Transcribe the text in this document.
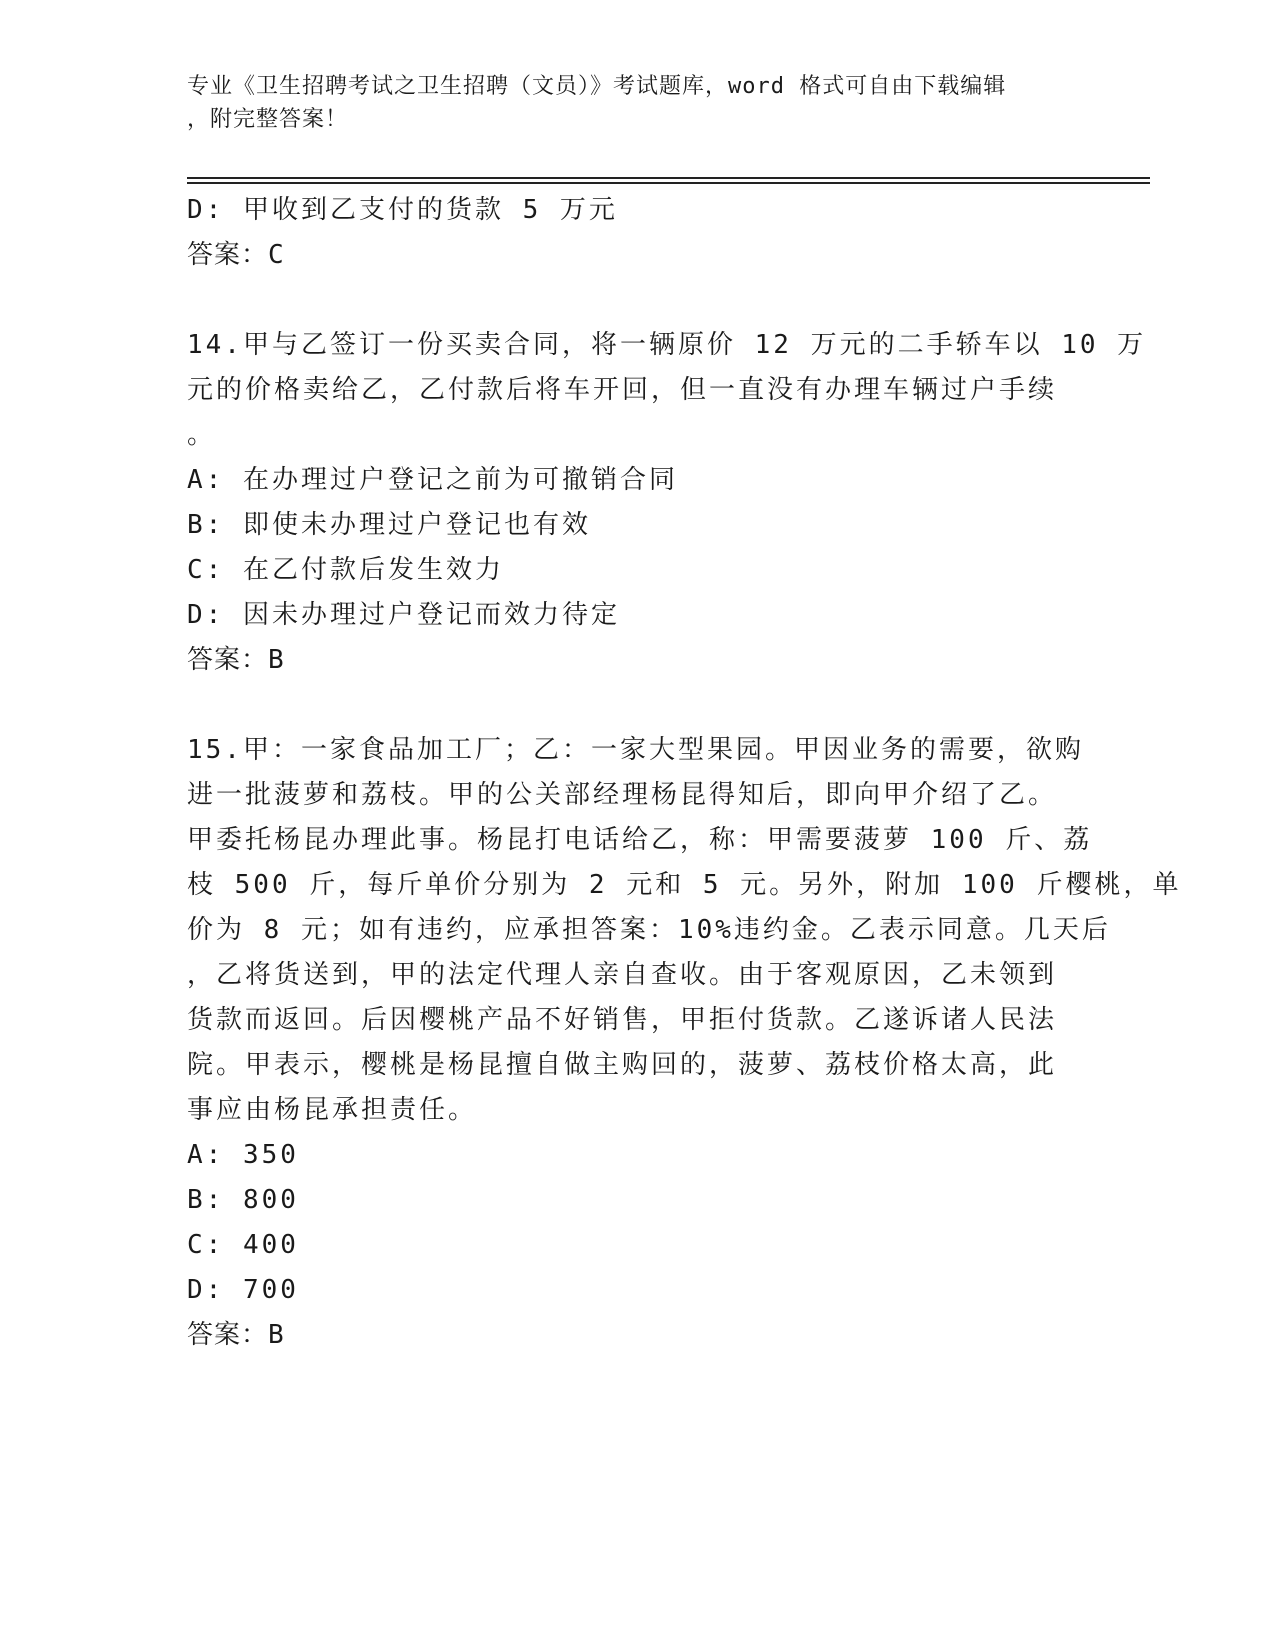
专业《卫生招聘考试之卫生招聘（文员）》考试题库，word 格式可自由下载编辑
，附完整答案！
D: 甲收到乙支付的货款 5 万元
答案：C
14.甲与乙签订一份买卖合同，将一辆原价 12 万元的二手轿车以 10 万
元的价格卖给乙，乙付款后将车开回，但一直没有办理车辆过户手续
。
A: 在办理过户登记之前为可撤销合同
B: 即使未办理过户登记也有效
C: 在乙付款后发生效力
D: 因未办理过户登记而效力待定
答案：B
15.甲：一家食品加工厂；乙：一家大型果园。甲因业务的需要，欲购
进一批菠萝和荔枝。甲的公关部经理杨昆得知后，即向甲介绍了乙。
甲委托杨昆办理此事。杨昆打电话给乙，称：甲需要菠萝 100 斤、荔
枝 500 斤，每斤单价分别为 2 元和 5 元。另外，附加 100 斤樱桃，单
价为 8 元；如有违约，应承担答案：10%违约金。乙表示同意。几天后
，乙将货送到，甲的法定代理人亲自查收。由于客观原因，乙未领到
货款而返回。后因樱桃产品不好销售，甲拒付货款。乙遂诉诸人民法
院。甲表示，樱桃是杨昆擅自做主购回的，菠萝、荔枝价格太高，此
事应由杨昆承担责任。
A: 350
B: 800
C: 400
D: 700
答案：B
